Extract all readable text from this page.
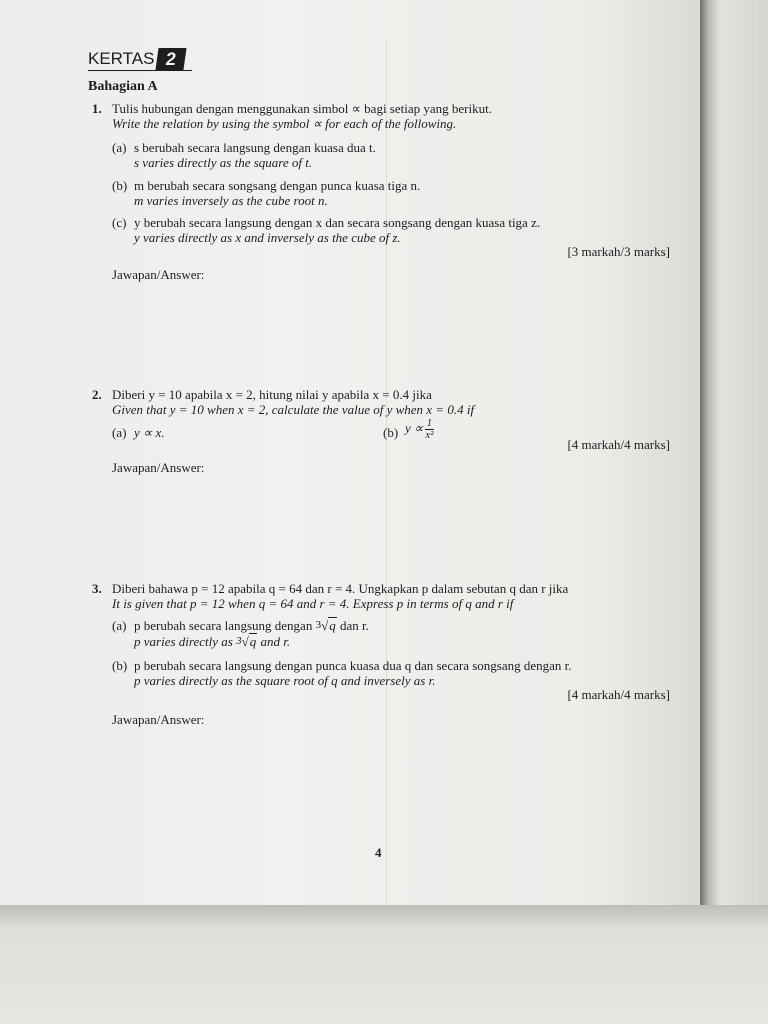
KERTAS 2
Bahagian A
1. Tulis hubungan dengan menggunakan simbol ∝ bagi setiap yang berikut.
Write the relation by using the symbol ∝ for each of the following.
(a) s berubah secara langsung dengan kuasa dua t.
s varies directly as the square of t.
(b) m berubah secara songsang dengan punca kuasa tiga n.
m varies inversely as the cube root n.
(c) y berubah secara langsung dengan x dan secara songsang dengan kuasa tiga z.
y varies directly as x and inversely as the cube of z.
[3 markah/3 marks]
Jawapan/Answer:
2. Diberi y = 10 apabila x = 2, hitung nilai y apabila x = 0.4 jika
Given that y = 10 when x = 2, calculate the value of y when x = 0.4 if
(a) y ∝ x.	(b) $y \propto \frac{1}{\text{x²}}$
[4 markah/4 marks]
Jawapan/Answer:
3. Diberi bahawa p = 12 apabila q = 64 dan r = 4. Ungkapkan p dalam sebutan q dan r jika
It is given that p = 12 when q = 64 and r = 4. Express p in terms of q and r if
(a) p berubah secara langsung dengan $^3$√q dan r.
p varies directly as $^3$√q and r.
(b) p berubah secara langsung dengan punca kuasa dua q dan secara songsang dengan r.
p varies directly as the square root of q and inversely as r.
[4 markah/4 marks]
Jawapan/Answer:
4
